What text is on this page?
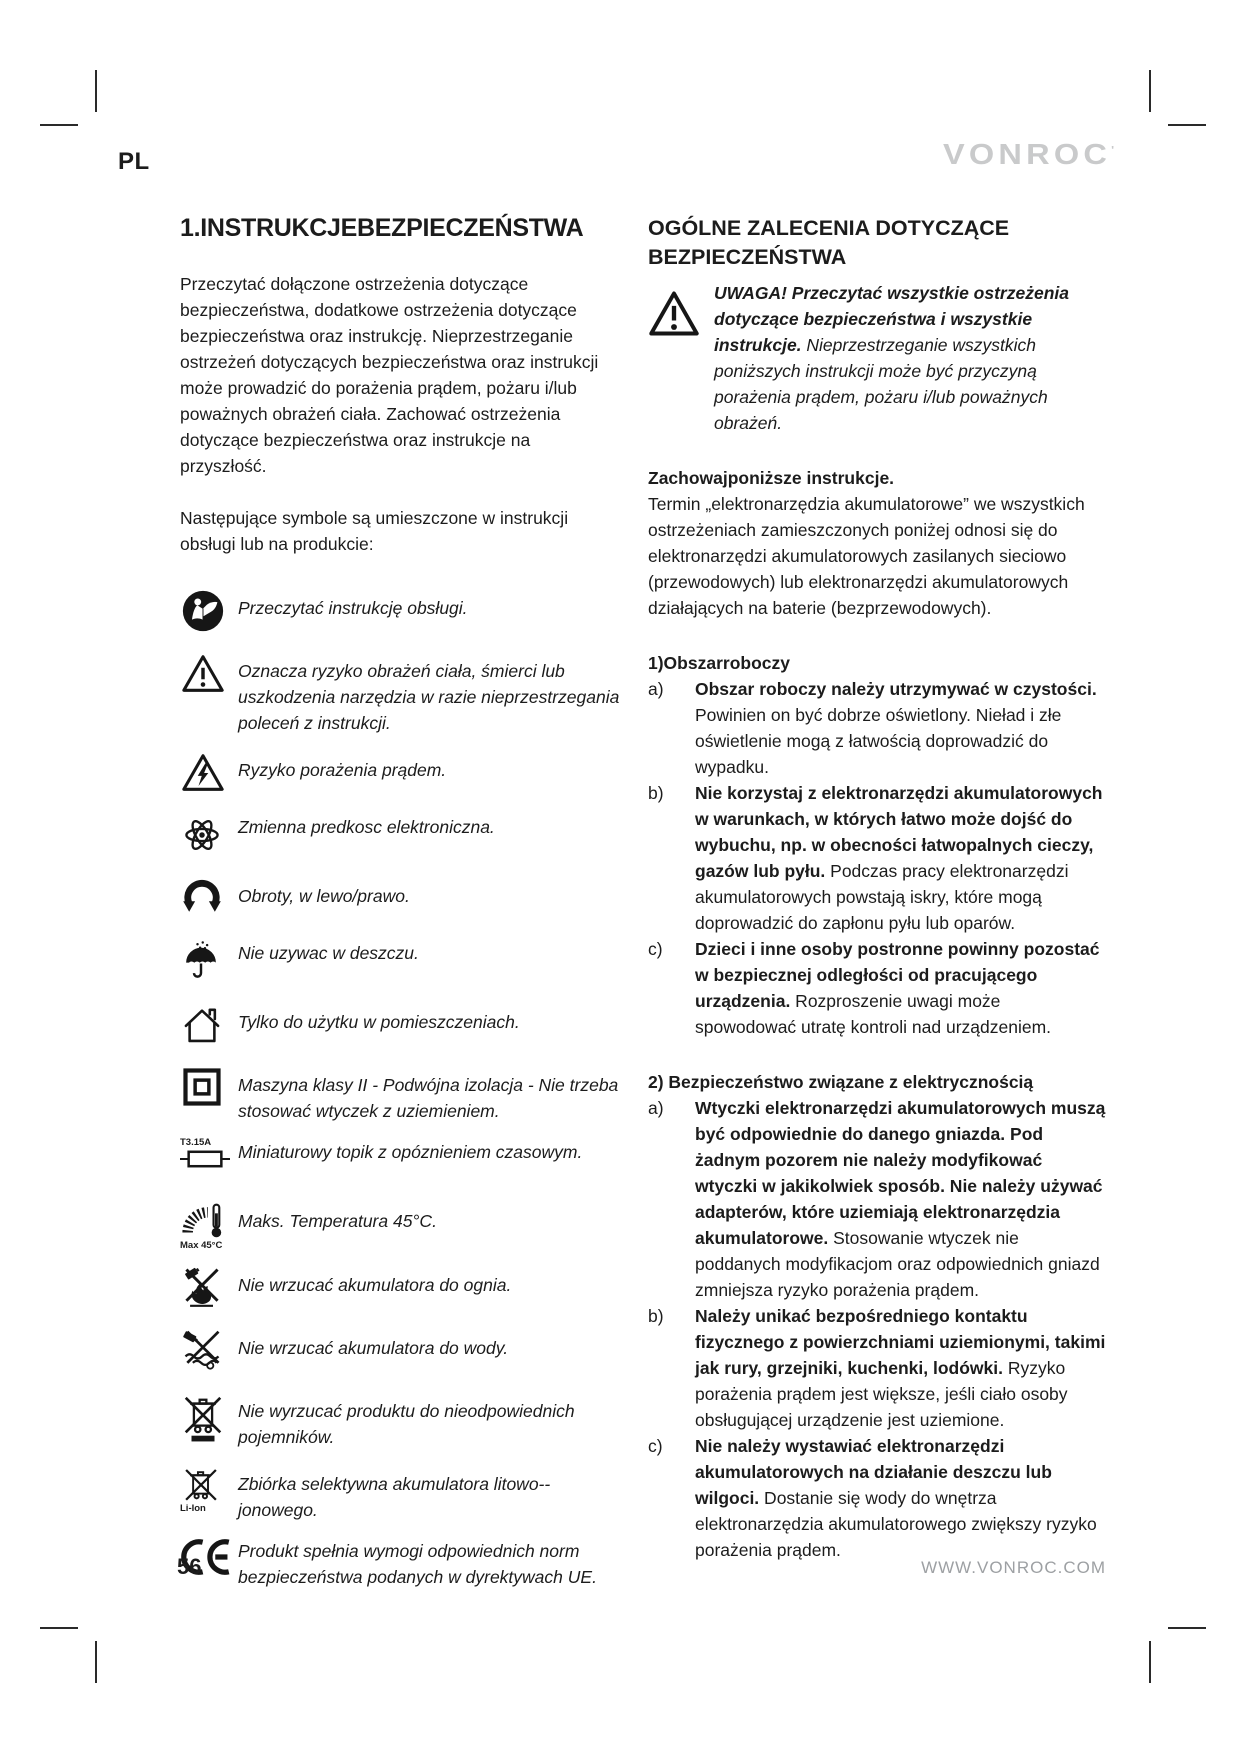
PL	VONROC'
1.INSTRUKCJEBEZPIECZEŃSTWA

Przeczytać dołączone ostrzeżenia dotyczące bezpieczeństwa, dodatkowe ostrzeżenia dotyczące bezpieczeństwa oraz instrukcję. Nieprzestrzeganie ostrzeżeń dotyczących bezpieczeństwa oraz instrukcji może prowadzić do porażenia prądem, pożaru i/lub poważnych obrażeń ciała. Zachować ostrzeżenia dotyczące bezpieczeństwa oraz instrukcje na przyszłość.

Następujące symbole są umieszczone w instrukcji obsługi lub na produkcie:

Przeczytać instrukcję obsługi.
Oznacza ryzyko obrażeń ciała, śmierci lub uszkodzenia narzędzia w razie nieprzestrzegania poleceń z instrukcji.
Ryzyko porażenia prądem.
Zmienna predkosc elektroniczna.
Obroty, w lewo/prawo.
Nie uzywac w deszczu.
Tylko do użytku w pomieszczeniach.
Maszyna klasy II - Podwójna izolacja - Nie trzeba stosować wtyczek z uziemieniem.
T3.15A Miniaturowy topik z opóznieniem czasowym.
Max 45°C
Maks. Temperatura 45°C.
Nie wrzucać akumulatora do ognia.
Nie wrzucać akumulatora do wody.
Nie wyrzucać produktu do nieodpowiednich pojemników.
Li-Ion
Zbiórka selektywna akumulatora litowo--jonowego.
Produkt spełnia wymogi odpowiednich norm bezpieczeństwa podanych w dyrektywach UE.
OGÓLNE ZALECENIA DOTYCZĄCE BEZPIECZEŃSTWA
UWAGA! Przeczytać wszystkie ostrzeżenia dotyczące bezpieczeństwa i wszystkie instrukcje. Nieprzestrzeganie wszystkich poniższych instrukcji może być przyczyną porażenia prądem, pożaru i/lub poważnych obrażeń.
Zachowajponiższe instrukcje.
Termin „elektronarzędzia akumulatorowe” we wszystkich ostrzeżeniach zamieszczonych poniżej odnosi się do elektronarzędzi akumulatorowych zasilanych sieciowo (przewodowych) lub elektronarzędzi akumulatorowych działających na baterie (bezprzewodowych).
1)Obszarroboczy
a)	Obszar roboczy należy utrzymywać w czystości. Powinien on być dobrze oświetlony. Nieład i złe oświetlenie mogą z łatwością doprowadzić do wypadku.
b)	Nie korzystaj z elektronarzędzi akumulatorowych w warunkach, w których łatwo może dojść do wybuchu, np. w obecności łatwopalnych cieczy, gazów lub pyłu. Podczas pracy elektronarzędzi akumulatorowych powstają iskry, które mogą doprowadzić do zapłonu pyłu lub oparów.
c)	Dzieci i inne osoby postronne powinny pozostać w bezpiecznej odległości od pracującego urządzenia. Rozproszenie uwagi może spowodować utratę kontroli nad urządzeniem.
2) Bezpieczeństwo związane z elektrycznością
a)	Wtyczki elektronarzędzi akumulatorowych muszą być odpowiednie do danego gniazda. Pod żadnym pozorem nie należy modyfikować wtyczki w jakikolwiek sposób. Nie należy używać adapterów, które uziemiają elektronarzędzia akumulatorowe. Stosowanie wtyczek nie poddanych modyfikacjom oraz odpowiednich gniazd zmniejsza ryzyko porażenia prądem.
b)	Należy unikać bezpośredniego kontaktu fizycznego z powierzchniami uziemionymi, takimi jak rury, grzejniki, kuchenki, lodówki. Ryzyko porażenia prądem jest większe, jeśli ciało osoby obsługującej urządzenie jest uziemione.
c)	Nie należy wystawiać elektronarzędzi akumulatorowych na działanie deszczu lub wilgoci. Dostanie się wody do wnętrza elektronarzędzia akumulatorowego zwiększy ryzyko porażenia prądem.
56	WWW.VONROC.COM
